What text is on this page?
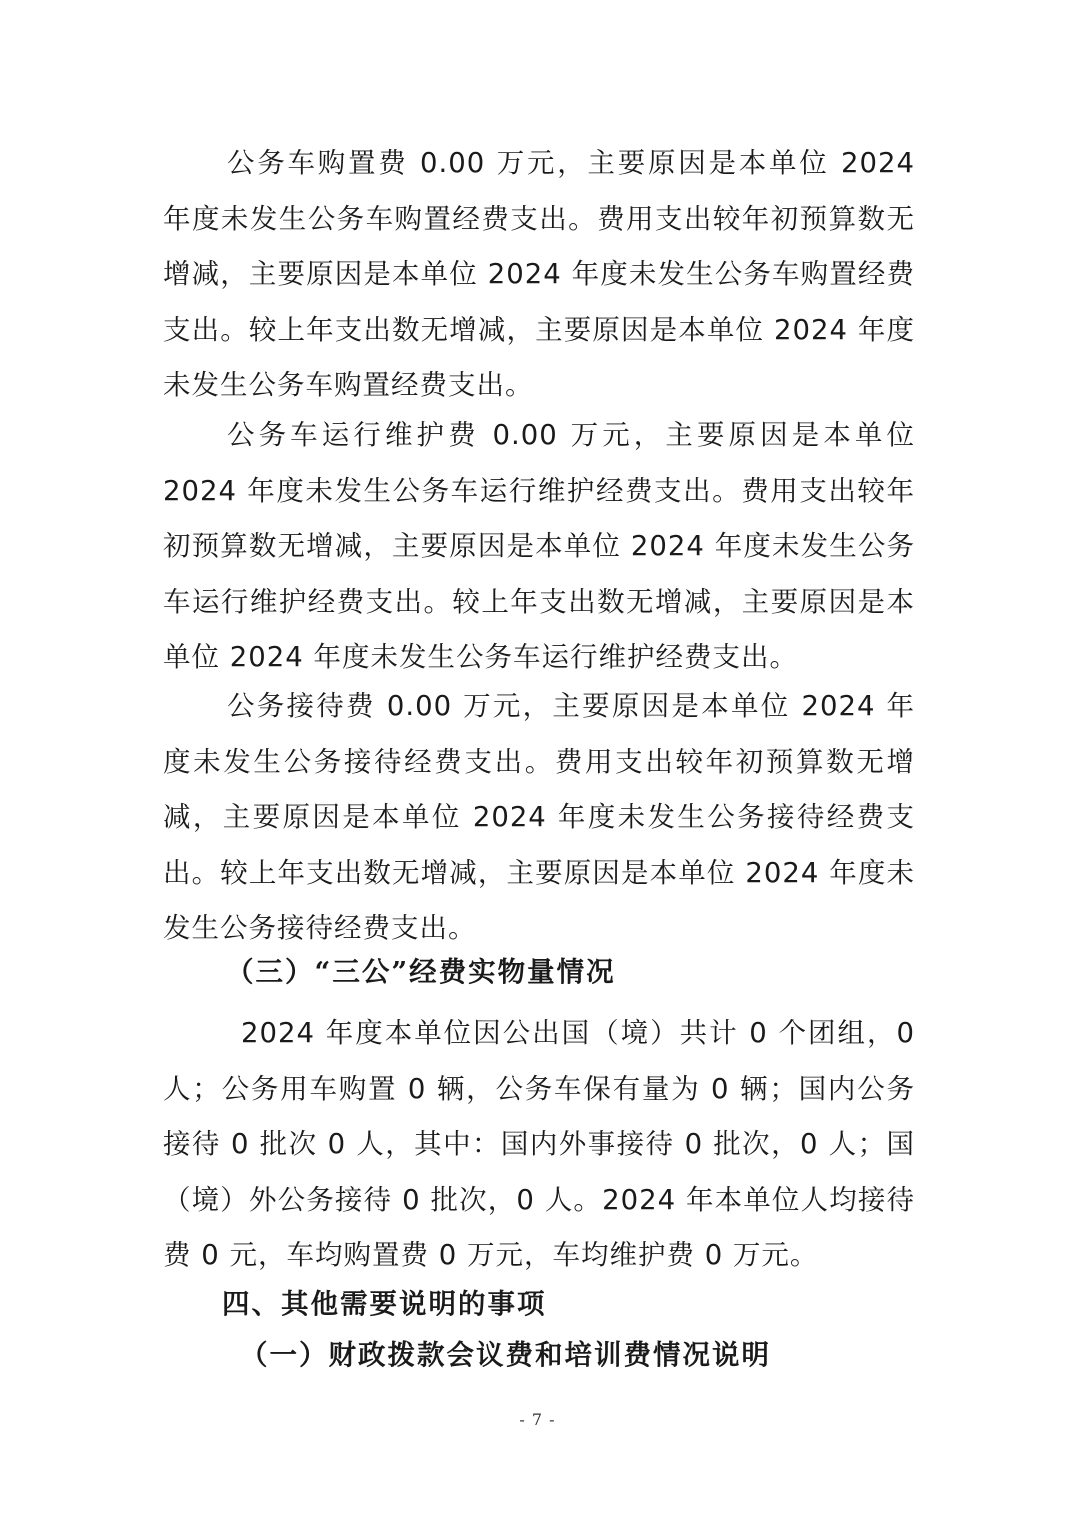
公务车购置费 0.00 万元，主要原因是本单位 2024 年度未发生公务车购置经费支出。费用支出较年初预算数无增减，主要原因是本单位 2024 年度未发生公务车购置经费支出。较上年支出数无增减，主要原因是本单位 2024 年度未发生公务车购置经费支出。

公务车运行维护费 0.00 万元，主要原因是本单位 2024 年度未发生公务车运行维护经费支出。费用支出较年初预算数无增减，主要原因是本单位 2024 年度未发生公务车运行维护经费支出。较上年支出数无增减，主要原因是本单位 2024 年度未发生公务车运行维护经费支出。

公务接待费 0.00 万元，主要原因是本单位 2024 年度未发生公务接待经费支出。费用支出较年初预算数无增减，主要原因是本单位 2024 年度未发生公务接待经费支出。较上年支出数无增减，主要原因是本单位 2024 年度未发生公务接待经费支出。

（三）“三公”经费实物量情况

2024 年度本单位因公出国（境）共计 0 个团组，0 人；公务用车购置 0 辆，公务车保有量为 0 辆；国内公务接待 0 批次 0 人，其中：国内外事接待 0 批次，0 人；国（境）外公务接待 0 批次，0 人。2024 年本单位人均接待费 0 元，车均购置费 0 万元，车均维护费 0 万元。

四、其他需要说明的事项
（一）财政拨款会议费和培训费情况说明
- 7 -
